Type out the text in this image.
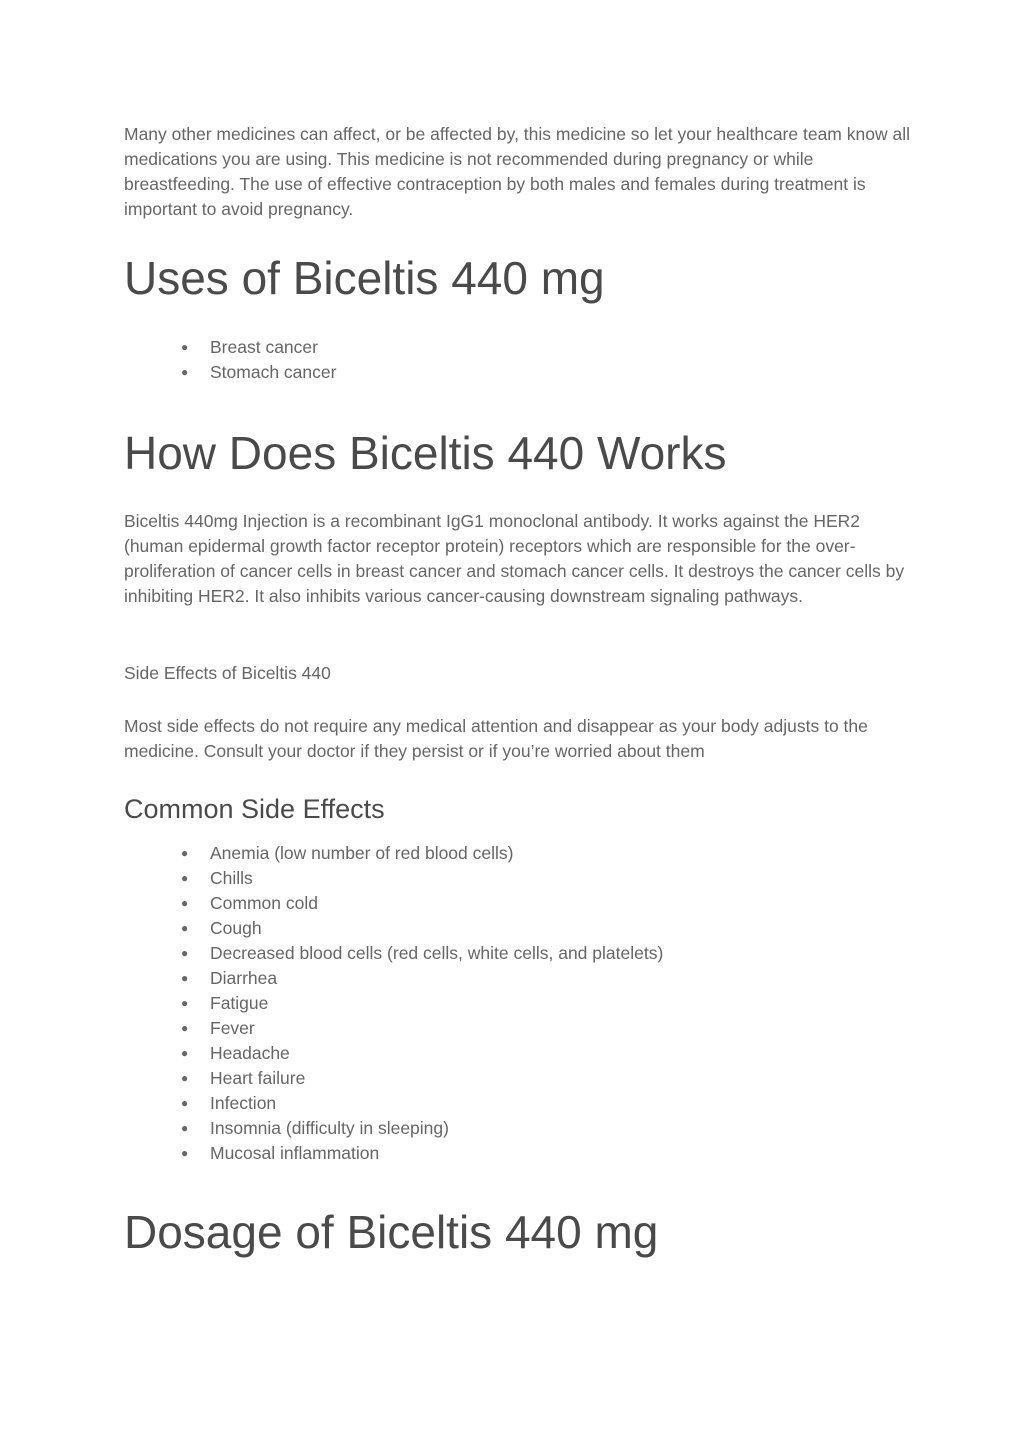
Many other medicines can affect, or be affected by, this medicine so let your healthcare team know all medications you are using. This medicine is not recommended during pregnancy or while breastfeeding. The use of effective contraception by both males and females during treatment is important to avoid pregnancy.

Uses of Biceltis 440 mg
● Breast cancer
● Stomach cancer
How Does Biceltis 440 Works

Biceltis 440mg Injection is a recombinant IgG1 monoclonal antibody. It works against the HER2 (human epidermal growth factor receptor protein) receptors which are responsible for the over-proliferation of cancer cells in breast cancer and stomach cancer cells. It destroys the cancer cells by inhibiting HER2. It also inhibits various cancer-causing downstream signaling pathways.

Side Effects of Biceltis 440

Most side effects do not require any medical attention and disappear as your body adjusts to the medicine. Consult your doctor if they persist or if you’re worried about them

Common Side Effects
● Anemia (low number of red blood cells)
● Chills
● Common cold
● Cough
● Decreased blood cells (red cells, white cells, and platelets)
● Diarrhea
● Fatigue
● Fever
● Headache
● Heart failure
● Infection
● Insomnia (difficulty in sleeping)
● Mucosal inflammation
Dosage of Biceltis 440 mg
